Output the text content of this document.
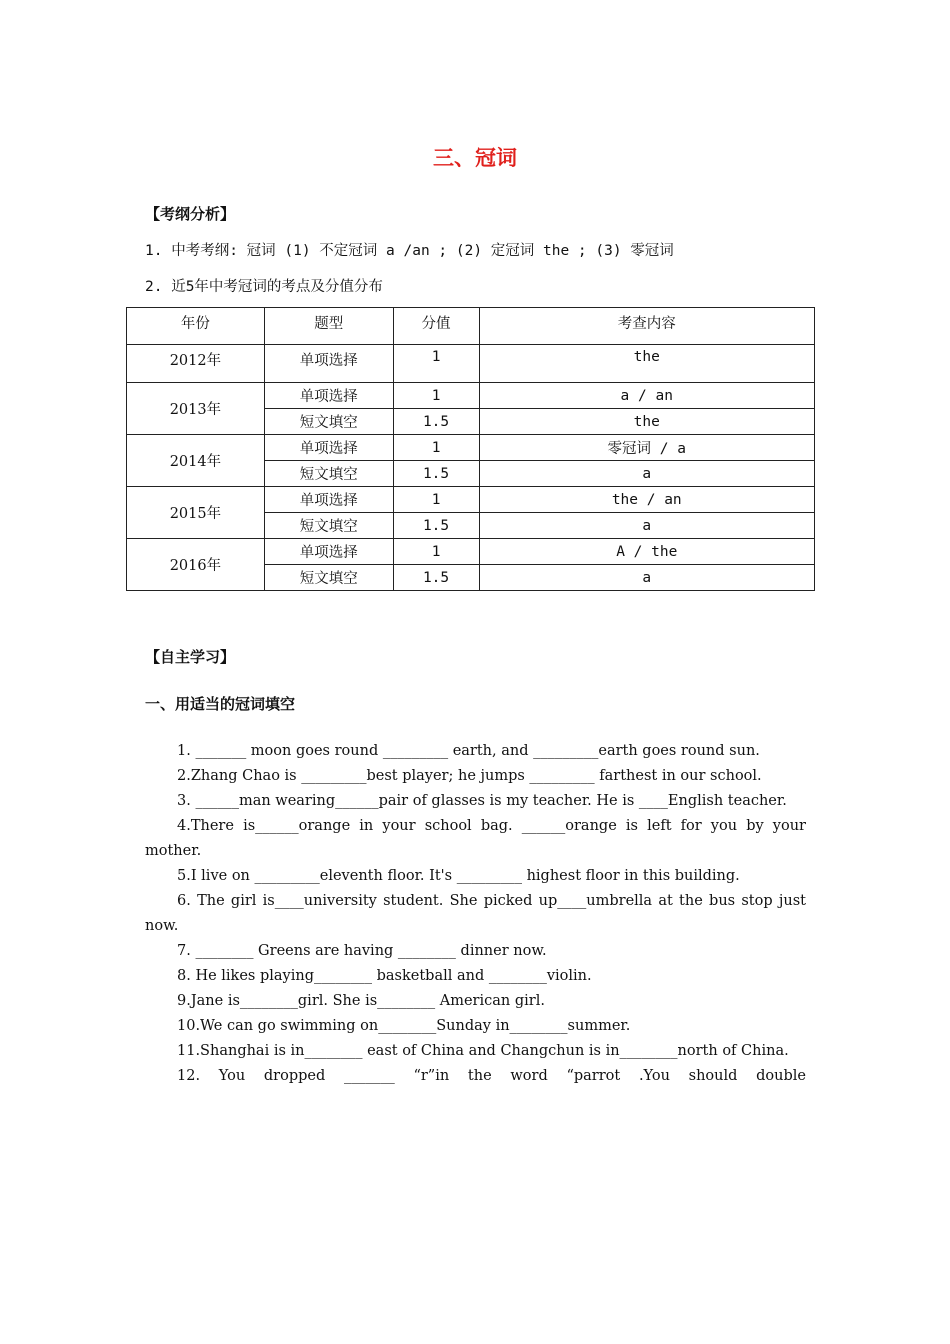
三、冠词
【考纲分析】
1. 中考考纲: 冠词 (1) 不定冠词 a /an ; (2) 定冠词 the ; (3) 零冠词
2. 近5年中考冠词的考点及分值分布
年份	题型	分值	考查内容
2012年	单项选择	1	the
2013年	单项选择	1	a / an
	短文填空	1.5	the
2014年	单项选择	1	零冠词 / a
	短文填空	1.5	a
2015年	单项选择	1	the / an
	短文填空	1.5	a
2016年	单项选择	1	A / the
	短文填空	1.5	a
【自主学习】
一、用适当的冠词填空

1. _______ moon goes round _________ earth, and _________earth goes round sun.

2.Zhang Chao is _________best player; he jumps _________ farthest in our school.

3. ______man wearing______pair of glasses is my teacher. He is ____English teacher.

4.There is______orange in your school bag. ______orange is left for you by your mother.

5.I live on _________eleventh floor. It's _________ highest floor in this building.

6. The girl is____university student. She picked up____umbrella at the bus stop just now.

7. ________ Greens are having ________ dinner now.

8. He likes playing________ basketball and ________violin.

9.Jane is________girl. She is________ American girl.

10.We can go swimming on________Sunday in________summer.

11.Shanghai is in________ east of China and Changchun is in________north of China.

12. You dropped _______ “r”in the word “parrot .You should double
